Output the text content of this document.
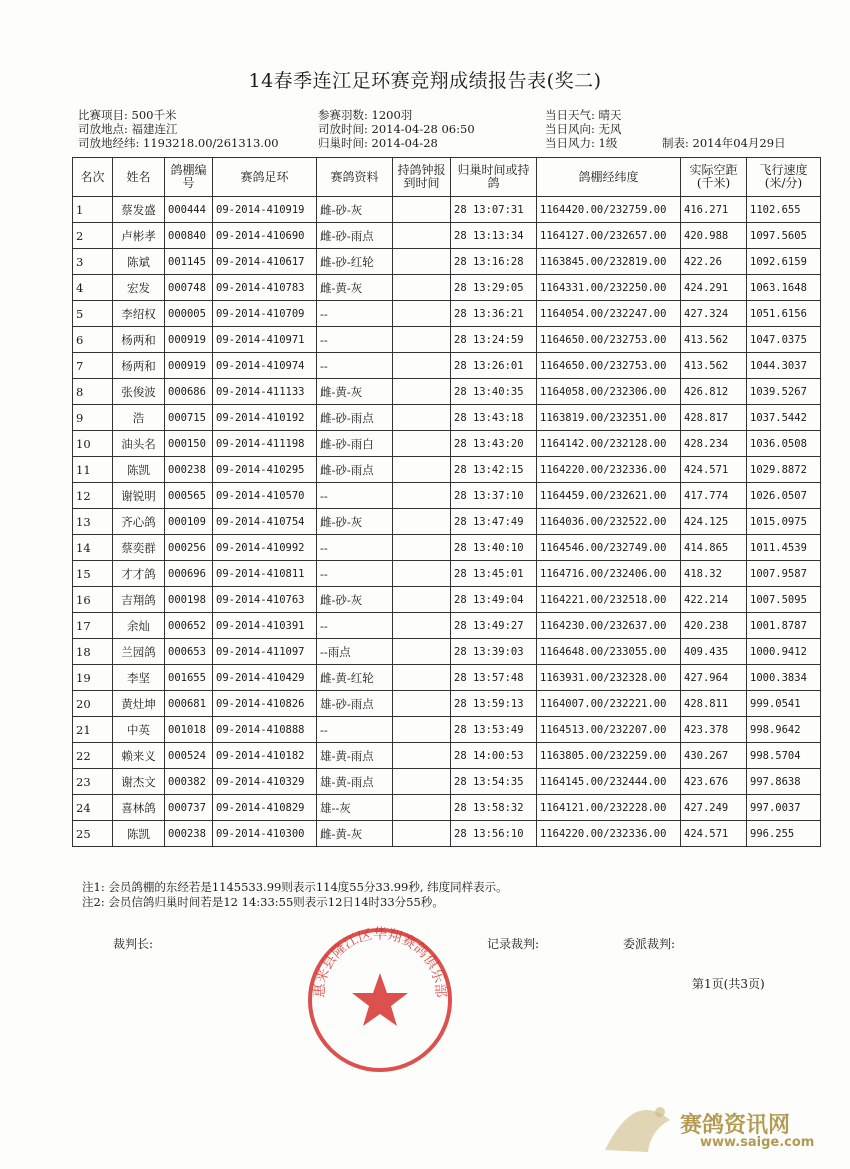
14春季连江足环赛竞翔成绩报告表(奖二)
比赛项目: 500千米
司放地点: 福建连江
司放地经纬: 1193218.00/261313.00
参赛羽数: 1200羽
司放时间: 2014-04-28 06:50
归巢时间: 2014-04-28
当日天气: 晴天
当日风向: 无风
当日风力: 1级	制表: 2014年04月29日
名次	姓名	鸽棚编号	赛鸽足环	赛鸽资料	持鸽钟报到时间	归巢时间或持鸽	鸽棚经纬度	实际空距(千米)	飞行速度(米/分)
1	蔡发盛	000444	09-2014-410919	雌-砂-灰		28 13:07:31	1164420.00/232759.00	416.271	1102.655
2	卢彬孝	000840	09-2014-410690	雌-砂-雨点		28 13:13:34	1164127.00/232657.00	420.988	1097.5605
3	陈斌	001145	09-2014-410617	雌-砂-红轮		28 13:16:28	1163845.00/232819.00	422.26	1092.6159
4	宏发	000748	09-2014-410783	雌-黄-灰		28 13:29:05	1164331.00/232250.00	424.291	1063.1648
5	李绍权	000005	09-2014-410709	--		28 13:36:21	1164054.00/232247.00	427.324	1051.6156
6	杨两和	000919	09-2014-410971	--		28 13:24:59	1164650.00/232753.00	413.562	1047.0375
7	杨两和	000919	09-2014-410974	--		28 13:26:01	1164650.00/232753.00	413.562	1044.3037
8	张俊波	000686	09-2014-411133	雌-黄-灰		28 13:40:35	1164058.00/232306.00	426.812	1039.5267
9	浩	000715	09-2014-410192	雌-砂-雨点		28 13:43:18	1163819.00/232351.00	428.817	1037.5442
10	油头名	000150	09-2014-411198	雌-砂-雨白		28 13:43:20	1164142.00/232128.00	428.234	1036.0508
11	陈凯	000238	09-2014-410295	雌-砂-雨点		28 13:42:15	1164220.00/232336.00	424.571	1029.8872
12	谢锐明	000565	09-2014-410570	--		28 13:37:10	1164459.00/232621.00	417.774	1026.0507
13	齐心鸽	000109	09-2014-410754	雌-砂-灰		28 13:47:49	1164036.00/232522.00	424.125	1015.0975
14	蔡奕群	000256	09-2014-410992	--		28 13:40:10	1164546.00/232749.00	414.865	1011.4539
15	才才鸽	000696	09-2014-410811	--		28 13:45:01	1164716.00/232406.00	418.32	1007.9587
16	吉翔鸽	000198	09-2014-410763	雌-砂-灰		28 13:49:04	1164221.00/232518.00	422.214	1007.5095
17	余灿	000652	09-2014-410391	--		28 13:49:27	1164230.00/232637.00	420.238	1001.8787
18	兰园鸽	000653	09-2014-411097	--雨点		28 13:39:03	1164648.00/233055.00	409.435	1000.9412
19	李坚	001655	09-2014-410429	雌-黄-红轮		28 13:57:48	1163931.00/232328.00	427.964	1000.3834
20	黄灶坤	000681	09-2014-410826	雄-砂-雨点		28 13:59:13	1164007.00/232221.00	428.811	999.0541
21	中英	001018	09-2014-410888	--		28 13:53:49	1164513.00/232207.00	423.378	998.9642
22	赖来义	000524	09-2014-410182	雄-黄-雨点		28 14:00:53	1163805.00/232259.00	430.267	998.5704
23	谢杰文	000382	09-2014-410329	雄-黄-雨点		28 13:54:35	1164145.00/232444.00	423.676	997.8638
24	喜林鸽	000737	09-2014-410829	雄--灰		28 13:58:32	1164121.00/232228.00	427.249	997.0037
25	陈凯	000238	09-2014-410300	雌-黄-灰		28 13:56:10	1164220.00/232336.00	424.571	996.255
注1: 会员鸽棚的东经若是1145533.99则表示114度55分33.99秒, 纬度同样表示。
注2: 会员信鸽归巢时间若是12 14:33:55则表示12日14时33分55秒。
裁判长:	记录裁判:	委派裁判:
第1页(共3页)
惠来县隆江区华翔赛鸽俱乐部
赛鸽资讯网
www.saige.com
